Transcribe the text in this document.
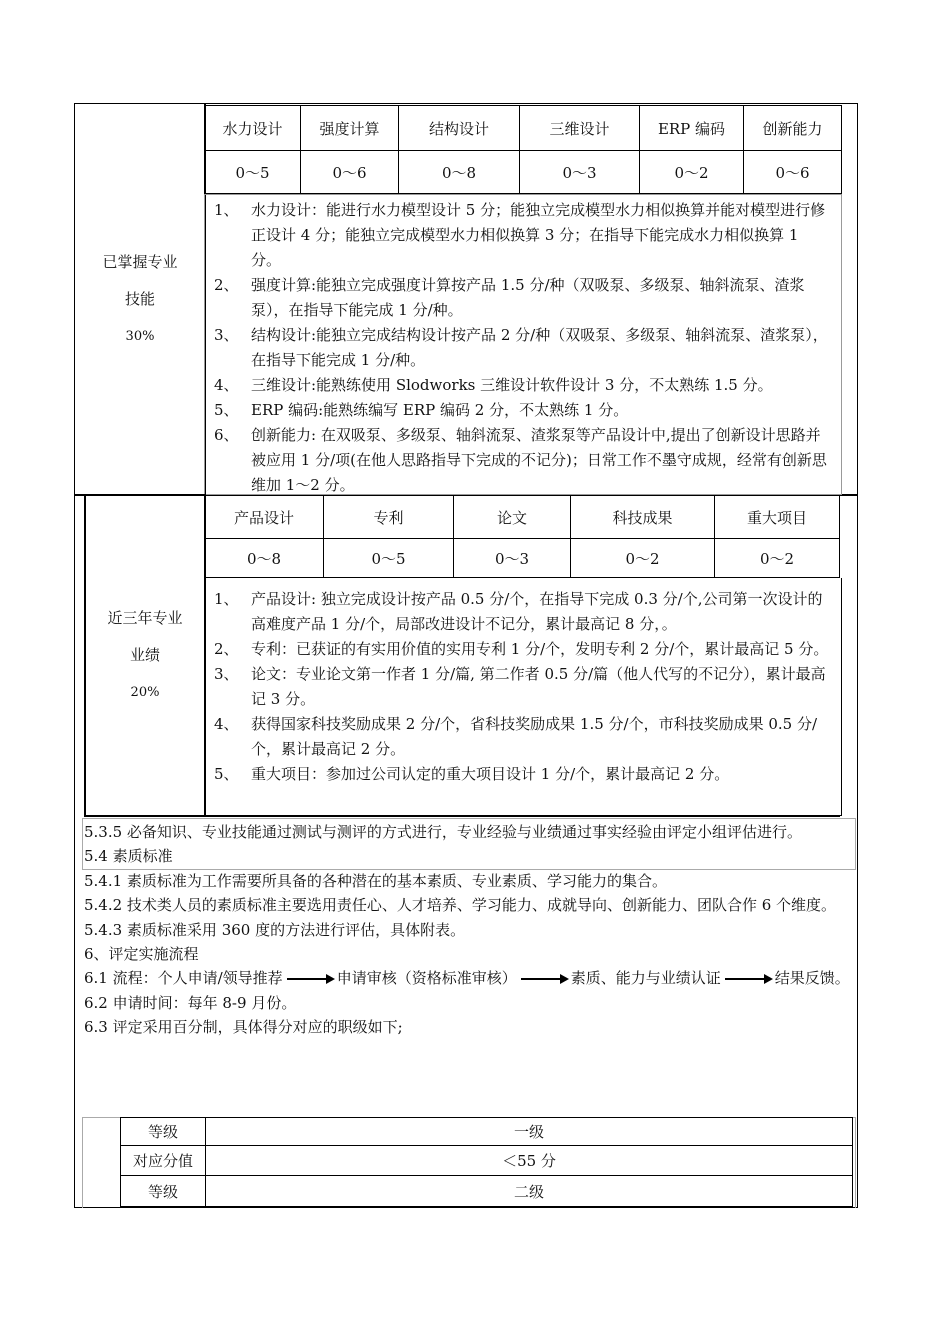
已掌握专业
技能
30%
水力设计	强度计算	结构设计	三维设计	ERP 编码	创新能力
0～5	0～6	0～8	0～3	0～2	0～6
1、 水力设计：能进行水力模型设计 5 分；能独立完成模型水力相似换算并能对模型进行修正设计 4 分；能独立完成模型水力相似换算 3 分；在指导下能完成水力相似换算 1 分。
2、 强度计算:能独立完成强度计算按产品 1.5 分/种（双吸泵、多级泵、轴斜流泵、渣浆泵），在指导下能完成 1 分/种。
3、 结构设计:能独立完成结构设计按产品 2 分/种（双吸泵、多级泵、轴斜流泵、渣浆泵），在指导下能完成 1 分/种。
4、 三维设计:能熟练使用 Slodworks 三维设计软件设计 3 分，不太熟练 1.5 分。
5、 ERP 编码:能熟练编写 ERP 编码 2 分，不太熟练 1 分。
6、 创新能力: 在双吸泵、多级泵、轴斜流泵、渣浆泵等产品设计中,提出了创新设计思路并被应用 1 分/项(在他人思路指导下完成的不记分)；日常工作不墨守成规，经常有创新思维加 1～2 分。
近三年专业
业绩
20%
产品设计	专利	论文	科技成果	重大项目
0～8	0～5	0～3	0～2	0～2
1、 产品设计: 独立完成设计按产品 0.5 分/个，在指导下完成 0.3 分/个,公司第一次设计的高难度产品 1 分/个，局部改进设计不记分，累计最高记 8 分，。
2、 专利：已获证的有实用价值的实用专利 1 分/个，发明专利 2 分/个，累计最高记 5 分。
3、 论文：专业论文第一作者 1 分/篇, 第二作者 0.5 分/篇（他人代写的不记分），累计最高记 3 分。
4、 获得国家科技奖励成果 2 分/个，省科技奖励成果 1.5 分/个，市科技奖励成果 0.5 分/个，累计最高记 2 分。
5、 重大项目：参加过公司认定的重大项目设计 1 分/个，累计最高记 2 分。

5.3.5 必备知识、专业技能通过测试与测评的方式进行，专业经验与业绩通过事实经验由评定小组评估进行。

5.4 素质标准

5.4.1 素质标准为工作需要所具备的各种潜在的基本素质、专业素质、学习能力的集合。

5.4.2 技术类人员的素质标准主要选用责任心、人才培养、学习能力、成就导向、创新能力、团队合作 6 个维度。

5.4.3 素质标准采用 360 度的方法进行评估，具体附表。

6、评定实施流程

6.1 流程：个人申请/领导推荐	申请审核（资格标准审核）	素质、能力与业绩认证	结果反馈。

6.2 申请时间：每年 8-9 月份。

6.3 评定采用百分制，具体得分对应的职级如下;

等级	一级
对应分值	＜55 分
等级	二级
